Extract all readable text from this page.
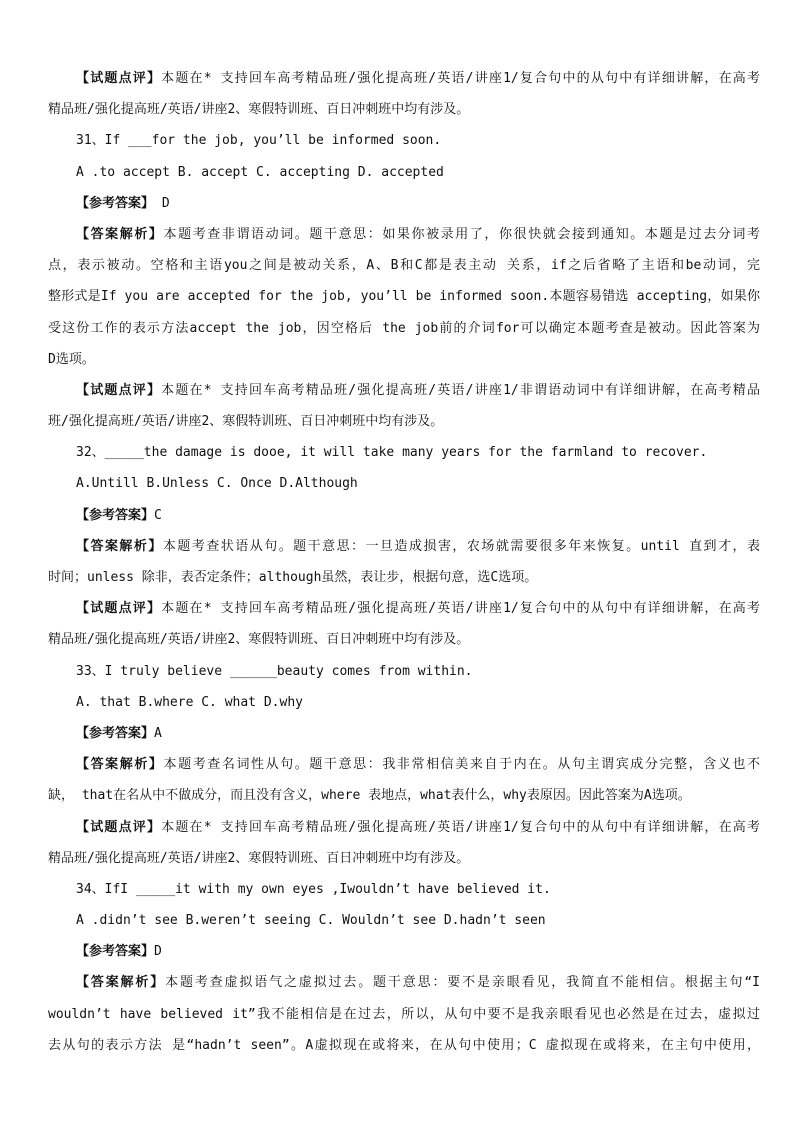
【试题点评】本题在* 支持回车高考精品班/强化提高班/英语/讲座1/复合句中的从句中有详细讲解，在高考
精品班/强化提高班/英语/讲座2、寒假特训班、百日冲刺班中均有涉及。
31、If ___for the job, you’ll be informed soon.
A .to accept B. accept C. accepting D. accepted
【参考答案】 D
【答案解析】本题考查非谓语动词。题干意思：如果你被录用了，你很快就会接到通知。本题是过去分词考
点，表示被动。空格和主语you之间是被动关系，A、B和C都是表主动 关系，if之后省略了主语和be动词，完
整形式是If you are accepted for the job, you’ll be informed soon.本题容易错选 accepting，如果你
受这份工作的表示方法accept the job，因空格后 the job前的介词for可以确定本题考查是被动。因此答案为
D选项。
【试题点评】本题在* 支持回车高考精品班/强化提高班/英语/讲座1/非谓语动词中有详细讲解，在高考精品
班/强化提高班/英语/讲座2、寒假特训班、百日冲刺班中均有涉及。
32、_____the damage is dooe, it will take many years for the farmland to recover.
A.Untill B.Unless C. Once D.Although
【参考答案】C
【答案解析】本题考查状语从句。题干意思：一旦造成损害，农场就需要很多年来恢复。until 直到才，表
时间；unless 除非，表否定条件；although虽然，表让步，根据句意，选C选项。
【试题点评】本题在* 支持回车高考精品班/强化提高班/英语/讲座1/复合句中的从句中有详细讲解，在高考
精品班/强化提高班/英语/讲座2、寒假特训班、百日冲刺班中均有涉及。
33、I truly believe ______beauty comes from within.
A. that B.where C. what D.why
【参考答案】A
【答案解析】本题考查名词性从句。题干意思：我非常相信美来自于内在。从句主谓宾成分完整，含义也不
缺， that在名从中不做成分，而且没有含义，where 表地点，what表什么，why表原因。因此答案为A选项。
【试题点评】本题在* 支持回车高考精品班/强化提高班/英语/讲座1/复合句中的从句中有详细讲解，在高考
精品班/强化提高班/英语/讲座2、寒假特训班、百日冲刺班中均有涉及。
34、IfI _____it with my own eyes ,Iwouldn’t have believed it.
A .didn’t see B.weren’t seeing C. Wouldn’t see D.hadn’t seen
【参考答案】D
【答案解析】本题考查虚拟语气之虚拟过去。题干意思：要不是亲眼看见，我简直不能相信。根据主句“I
wouldn’t have believed it”我不能相信是在过去，所以，从句中要不是我亲眼看见也必然是在过去，虚拟过
去从句的表示方法 是“hadn’t seen”。A虚拟现在或将来，在从句中使用；C 虚拟现在或将来，在主句中使用，
